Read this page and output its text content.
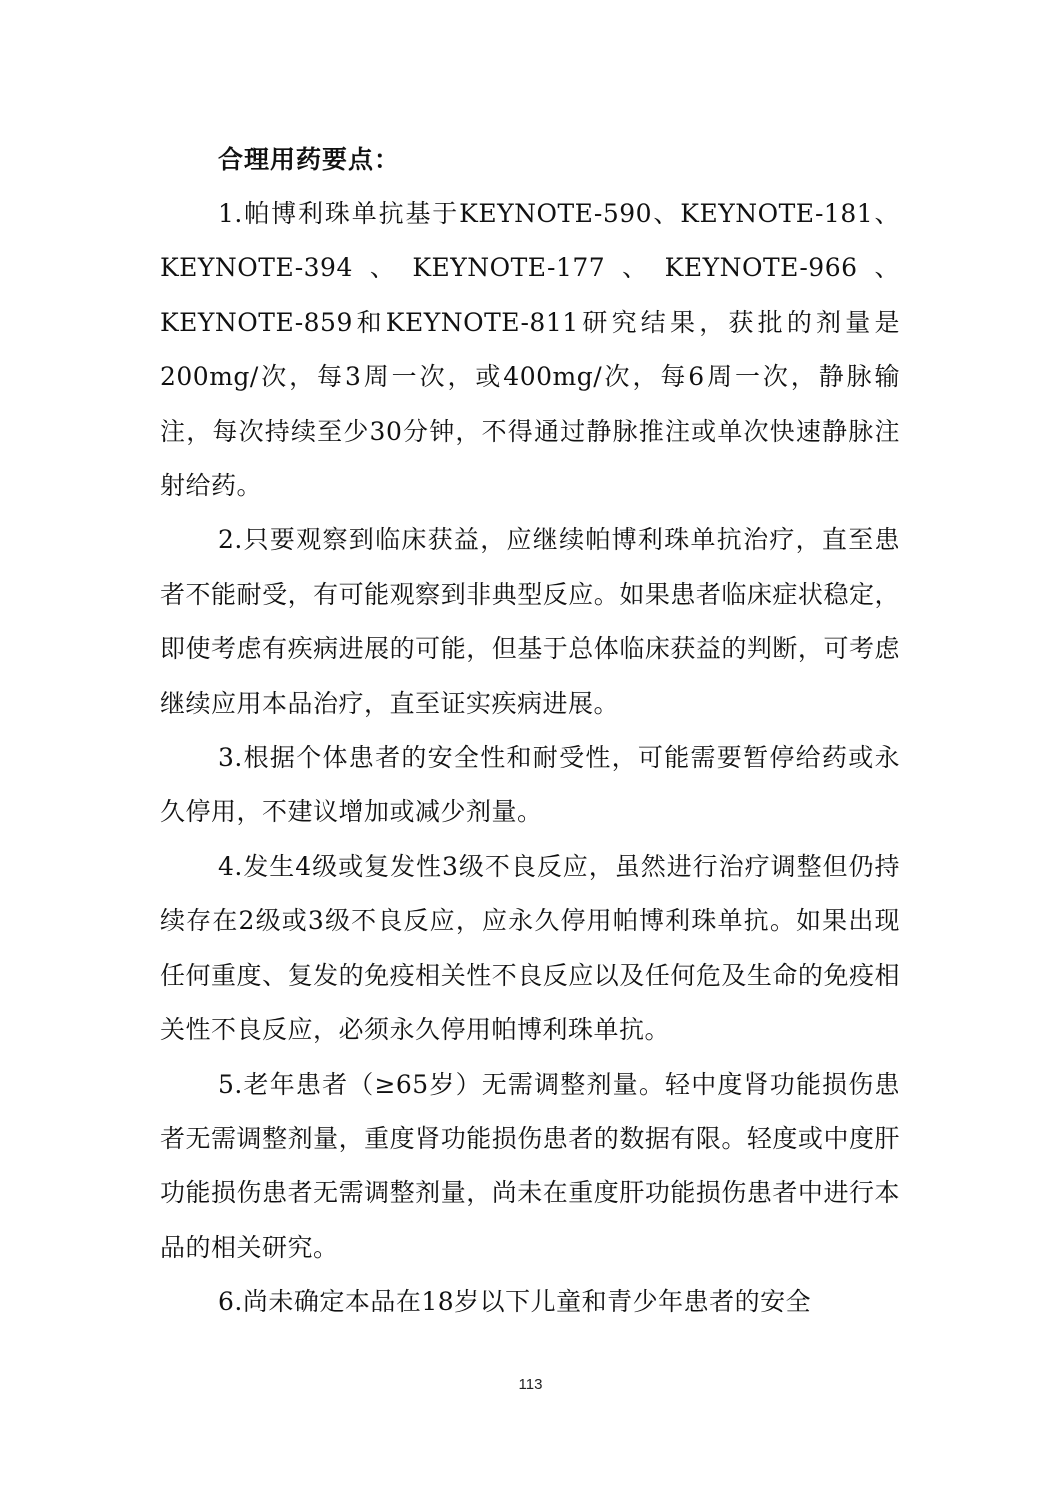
合理用药要点：

1.帕博利珠单抗基于KEYNOTE-590、KEYNOTE-181、KEYNOTE-394、KEYNOTE-177、KEYNOTE-966、KEYNOTE-859和KEYNOTE-811研究结果，获批的剂量是200mg/次，每3周一次，或400mg/次，每6周一次，静脉输注，每次持续至少30分钟，不得通过静脉推注或单次快速静脉注射给药。

2.只要观察到临床获益，应继续帕博利珠单抗治疗，直至患者不能耐受，有可能观察到非典型反应。如果患者临床症状稳定，即使考虑有疾病进展的可能，但基于总体临床获益的判断，可考虑继续应用本品治疗，直至证实疾病进展。

3.根据个体患者的安全性和耐受性，可能需要暂停给药或永久停用，不建议增加或减少剂量。

4.发生4级或复发性3级不良反应，虽然进行治疗调整但仍持续存在2级或3级不良反应，应永久停用帕博利珠单抗。如果出现任何重度、复发的免疫相关性不良反应以及任何危及生命的免疫相关性不良反应，必须永久停用帕博利珠单抗。

5.老年患者（≥65岁）无需调整剂量。轻中度肾功能损伤患者无需调整剂量，重度肾功能损伤患者的数据有限。轻度或中度肝功能损伤患者无需调整剂量，尚未在重度肝功能损伤患者中进行本品的相关研究。

6.尚未确定本品在18岁以下儿童和青少年患者的安全

113
